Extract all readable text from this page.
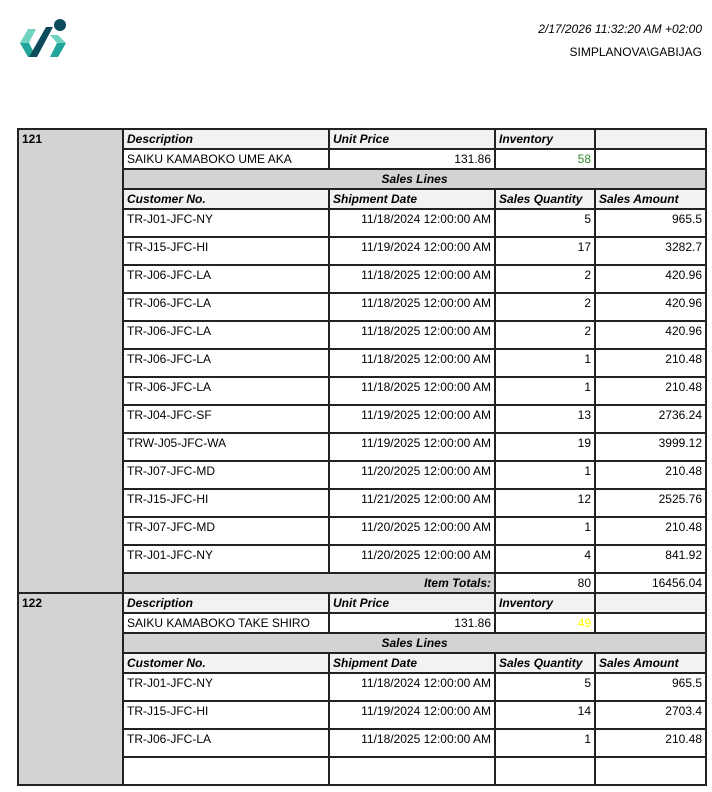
2/17/2026 11:32:20 AM +02:00
SIMPLANOVA\GABIJAG
121	Description	Unit Price	Inventory	
	SAIKU KAMABOKO UME AKA	131.86	58	
	Sales Lines			
	Customer No.	Shipment Date	Sales Quantity	Sales Amount
	TR-J01-JFC-NY	11/18/2024 12:00:00 AM	5	965.5
	TR-J15-JFC-HI	11/19/2024 12:00:00 AM	17	3282.7
	TR-J06-JFC-LA	11/18/2025 12:00:00 AM	2	420.96
	TR-J06-JFC-LA	11/18/2025 12:00:00 AM	2	420.96
	TR-J06-JFC-LA	11/18/2025 12:00:00 AM	2	420.96
	TR-J06-JFC-LA	11/18/2025 12:00:00 AM	1	210.48
	TR-J06-JFC-LA	11/18/2025 12:00:00 AM	1	210.48
	TR-J04-JFC-SF	11/19/2025 12:00:00 AM	13	2736.24
	TRW-J05-JFC-WA	11/19/2025 12:00:00 AM	19	3999.12
	TR-J07-JFC-MD	11/20/2025 12:00:00 AM	1	210.48
	TR-J15-JFC-HI	11/21/2025 12:00:00 AM	12	2525.76
	TR-J07-JFC-MD	11/20/2025 12:00:00 AM	1	210.48
	TR-J01-JFC-NY	11/20/2025 12:00:00 AM	4	841.92
	Item Totals:		80	16456.04
122	Description	Unit Price	Inventory	
	SAIKU KAMABOKO TAKE SHIRO	131.86	49	
	Sales Lines			
	Customer No.	Shipment Date	Sales Quantity	Sales Amount
	TR-J01-JFC-NY	11/18/2024 12:00:00 AM	5	965.5
	TR-J15-JFC-HI	11/19/2024 12:00:00 AM	14	2703.4
	TR-J06-JFC-LA	11/18/2025 12:00:00 AM	1	210.48
